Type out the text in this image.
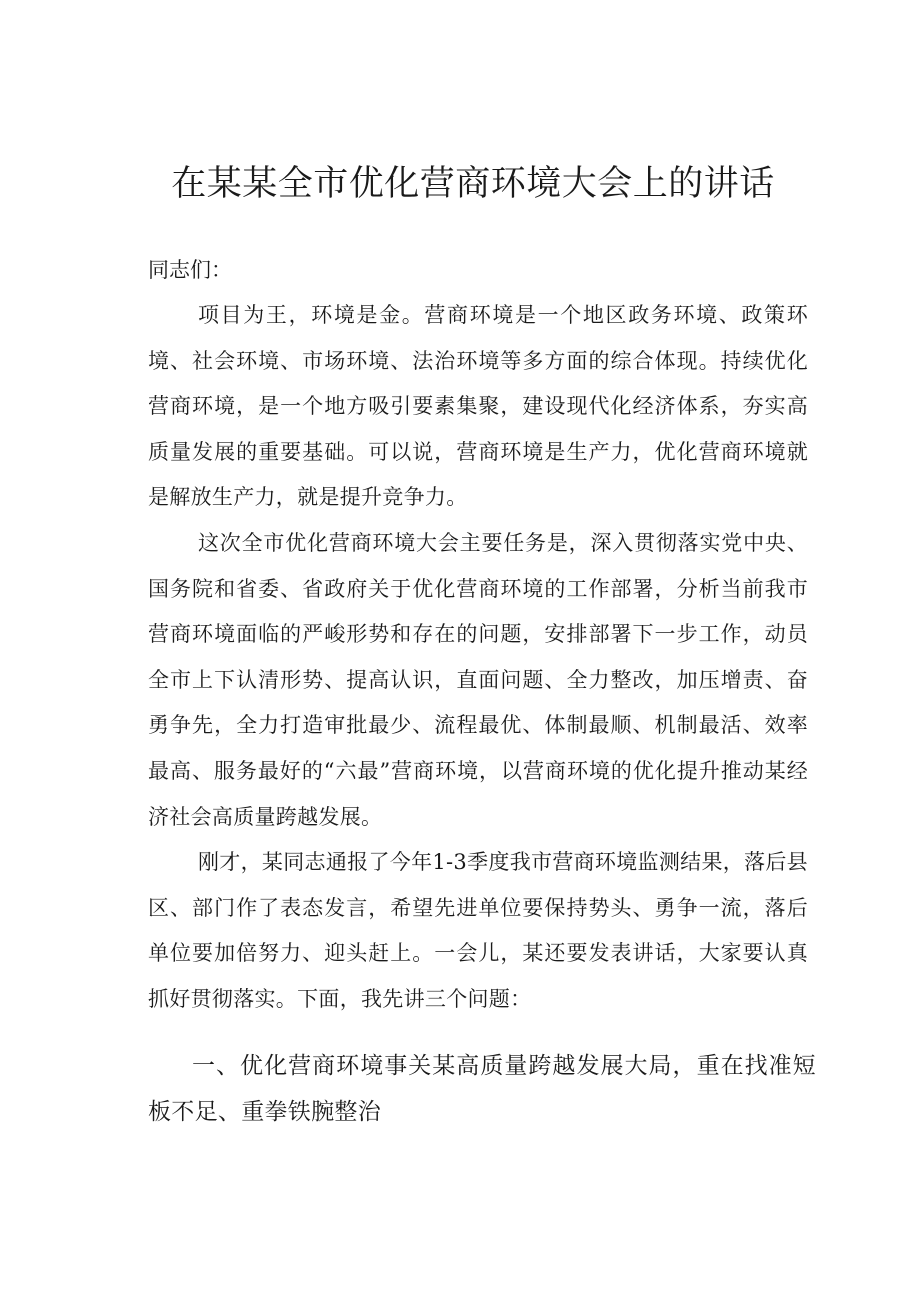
在某某全市优化营商环境大会上的讲话
同志们：

项目为王，环境是金。营商环境是一个地区政务环境、政策环境、社会环境、市场环境、法治环境等多方面的综合体现。持续优化营商环境，是一个地方吸引要素集聚，建设现代化经济体系，夯实高质量发展的重要基础。可以说，营商环境是生产力，优化营商环境就是解放生产力，就是提升竞争力。

这次全市优化营商环境大会主要任务是，深入贯彻落实党中央、国务院和省委、省政府关于优化营商环境的工作部署，分析当前我市营商环境面临的严峻形势和存在的问题，安排部署下一步工作，动员全市上下认清形势、提高认识，直面问题、全力整改，加压增责、奋勇争先，全力打造审批最少、流程最优、体制最顺、机制最活、效率最高、服务最好的“六最”营商环境，以营商环境的优化提升推动某经济社会高质量跨越发展。

刚才，某同志通报了今年1-3季度我市营商环境监测结果，落后县区、部门作了表态发言，希望先进单位要保持势头、勇争一流，落后单位要加倍努力、迎头赶上。一会儿，某还要发表讲话，大家要认真抓好贯彻落实。下面，我先讲三个问题：

一、优化营商环境事关某高质量跨越发展大局，重在找准短板不足、重拳铁腕整治
